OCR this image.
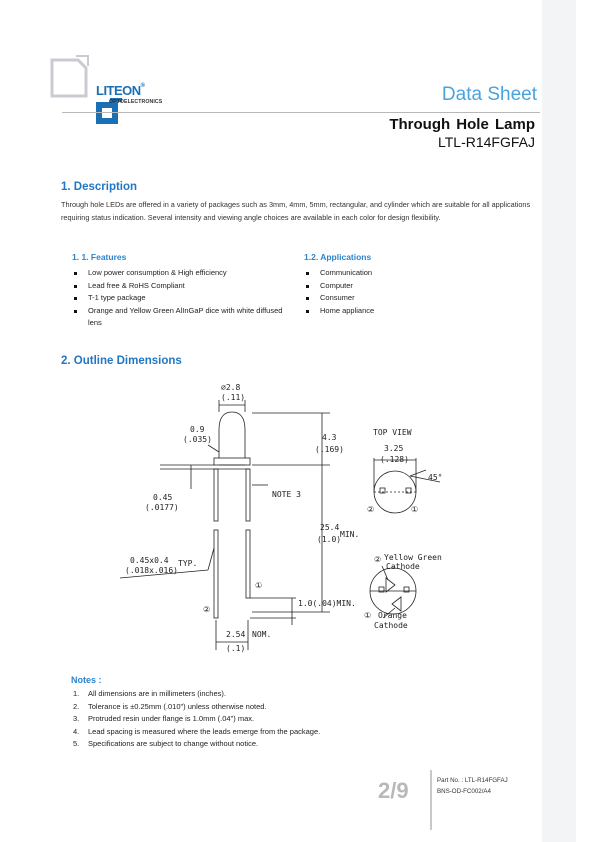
LITEON®
OPTOELECTRONICS	Data Sheet
Through Hole Lamp
LTL-R14FGFAJ
1. Description
Through hole LEDs are offered in a variety of packages such as 3mm, 4mm, 5mm, rectangular, and cylinder which are suitable for all applications requiring status indication. Several intensity and viewing angle choices are available in each color for design flexibility.
1. 1. Features
Low power consumption & High efficiency
Lead free & RoHS Compliant
T-1 type package
Orange and Yellow Green AlInGaP dice with white diffused lens
1.2. Applications
Communication
Computer
Consumer
Home appliance
2. Outline Dimensions
⌀2.8
(.11)
0.9
(.035)	4.3
(.169)
0.45
(.0177)
NOTE 3
25.4
(1.0)
MIN.
0.45x0.4
(.018x.016)
TYP.
①
②
1.0(.04)MIN.
2.54 NOM.
(.1)
TOP VIEW
3.25
(.128)
45°
②	①
② Yellow Green
Cathode
① Orange
Cathode
Notes :
1. All dimensions are in millimeters (inches).
2. Tolerance is ±0.25mm (.010") unless otherwise noted.
3. Protruded resin under flange is 1.0mm (.04") max.
4. Lead spacing is measured where the leads emerge from the package.
5. Specifications are subject to change without notice.
2/9	Part No. : LTL-R14FGFAJ
BNS-OD-FC002/A4
